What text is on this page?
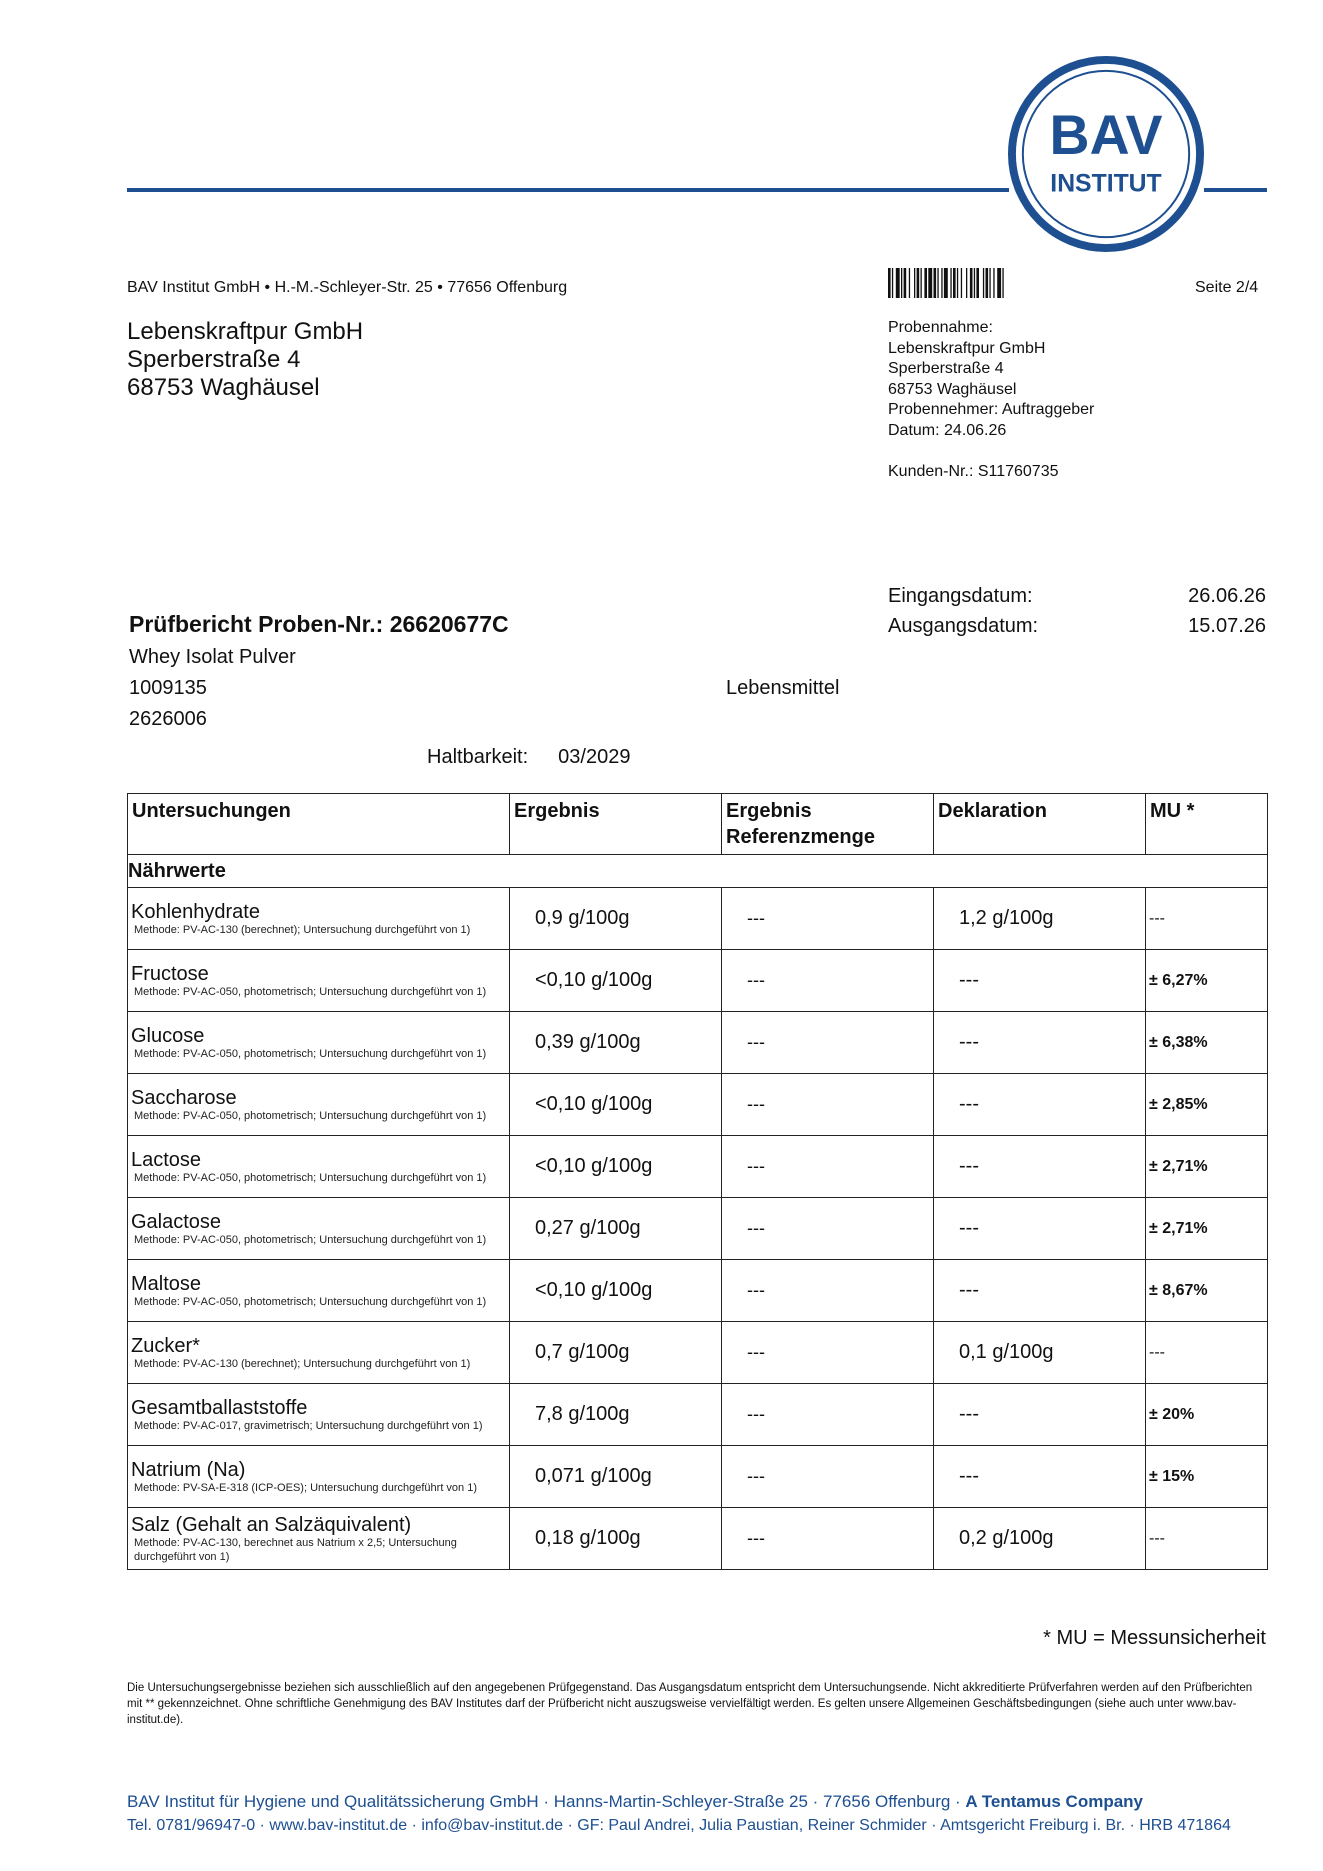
BAV
INSTITUT
BAV Institut GmbH • H.-M.-Schleyer-Str. 25 • 77656 Offenburg	Seite 2/4
Lebenskraftpur GmbH
Sperberstraße 4
68753 Waghäusel
Probennahme:
Lebenskraftpur GmbH
Sperberstraße 4
68753 Waghäusel
Probennehmer: Auftraggeber
Datum: 24.06.26
Kunden-Nr.: S11760735
Eingangsdatum:	26.06.26
Ausgangsdatum:	15.07.26
Prüfbericht Proben-Nr.: 26620677C
Whey Isolat Pulver
1009135
2626006
Lebensmittel
Haltbarkeit: 03/2029
Untersuchungen	Ergebnis	Ergebnis Referenzmenge	Deklaration	MU *
Nährwerte				

Kohlenhydrate
Methode: PV-AC-130 (berechnet); Untersuchung durchgeführt von 1)	0,9 g/100g	---	1,2 g/100g	---

Fructose
Methode: PV-AC-050, photometrisch; Untersuchung durchgeführt von 1)	<0,10 g/100g	---	---	± 6,27%

Glucose
Methode: PV-AC-050, photometrisch; Untersuchung durchgeführt von 1)	0,39 g/100g	---	---	± 6,38%

Saccharose
Methode: PV-AC-050, photometrisch; Untersuchung durchgeführt von 1)	<0,10 g/100g	---	---	± 2,85%

Lactose
Methode: PV-AC-050, photometrisch; Untersuchung durchgeführt von 1)	<0,10 g/100g	---	---	± 2,71%

Galactose
Methode: PV-AC-050, photometrisch; Untersuchung durchgeführt von 1)	0,27 g/100g	---	---	± 2,71%

Maltose
Methode: PV-AC-050, photometrisch; Untersuchung durchgeführt von 1)	<0,10 g/100g	---	---	± 8,67%

Zucker*
Methode: PV-AC-130 (berechnet); Untersuchung durchgeführt von 1)	0,7 g/100g	---	0,1 g/100g	---

Gesamtballaststoffe
Methode: PV-AC-017, gravimetrisch; Untersuchung durchgeführt von 1)	7,8 g/100g	---	---	± 20%

Natrium (Na)
Methode: PV-SA-E-318 (ICP-OES); Untersuchung durchgeführt von 1)	0,071 g/100g	---	---	± 15%

Salz (Gehalt an Salzäquivalent)
Methode: PV-AC-130, berechnet aus Natrium x 2,5; Untersuchung durchgeführt von 1)	0,18 g/100g	---	0,2 g/100g	---
* MU = Messunsicherheit
Die Untersuchungsergebnisse beziehen sich ausschließlich auf den angegebenen Prüfgegenstand. Das Ausgangsdatum entspricht dem Untersuchungsende. Nicht akkreditierte Prüfverfahren werden auf den Prüfberichten mit ** gekennzeichnet. Ohne schriftliche Genehmigung des BAV Institutes darf der Prüfbericht nicht auszugsweise vervielfältigt werden. Es gelten unsere Allgemeinen Geschäftsbedingungen (siehe auch unter www.bav-institut.de).
BAV Institut für Hygiene und Qualitätssicherung GmbH · Hanns-Martin-Schleyer-Straße 25 · 77656 Offenburg · A Tentamus Company
Tel. 0781/96947-0 · www.bav-institut.de · info@bav-institut.de · GF: Paul Andrei, Julia Paustian, Reiner Schmider · Amtsgericht Freiburg i. Br. · HRB 471864
